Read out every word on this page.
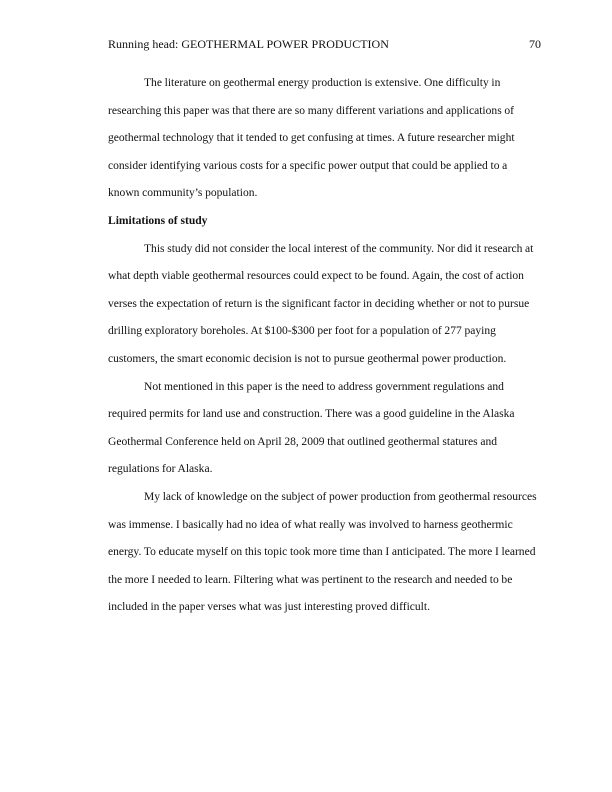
Running head: GEOTHERMAL POWER PRODUCTION	70

The literature on geothermal energy production is extensive. One difficulty in researching this paper was that there are so many different variations and applications of geothermal technology that it tended to get confusing at times. A future researcher might consider identifying various costs for a specific power output that could be applied to a known community’s population.

Limitations of study

This study did not consider the local interest of the community. Nor did it research at what depth viable geothermal resources could expect to be found. Again, the cost of action verses the expectation of return is the significant factor in deciding whether or not to pursue drilling exploratory boreholes. At $100-$300 per foot for a population of 277 paying customers, the smart economic decision is not to pursue geothermal power production.

Not mentioned in this paper is the need to address government regulations and required permits for land use and construction. There was a good guideline in the Alaska Geothermal Conference held on April 28, 2009 that outlined geothermal statures and regulations for Alaska.

My lack of knowledge on the subject of power production from geothermal resources was immense. I basically had no idea of what really was involved to harness geothermic energy. To educate myself on this topic took more time than I anticipated. The more I learned the more I needed to learn. Filtering what was pertinent to the research and needed to be included in the paper verses what was just interesting proved difficult.
